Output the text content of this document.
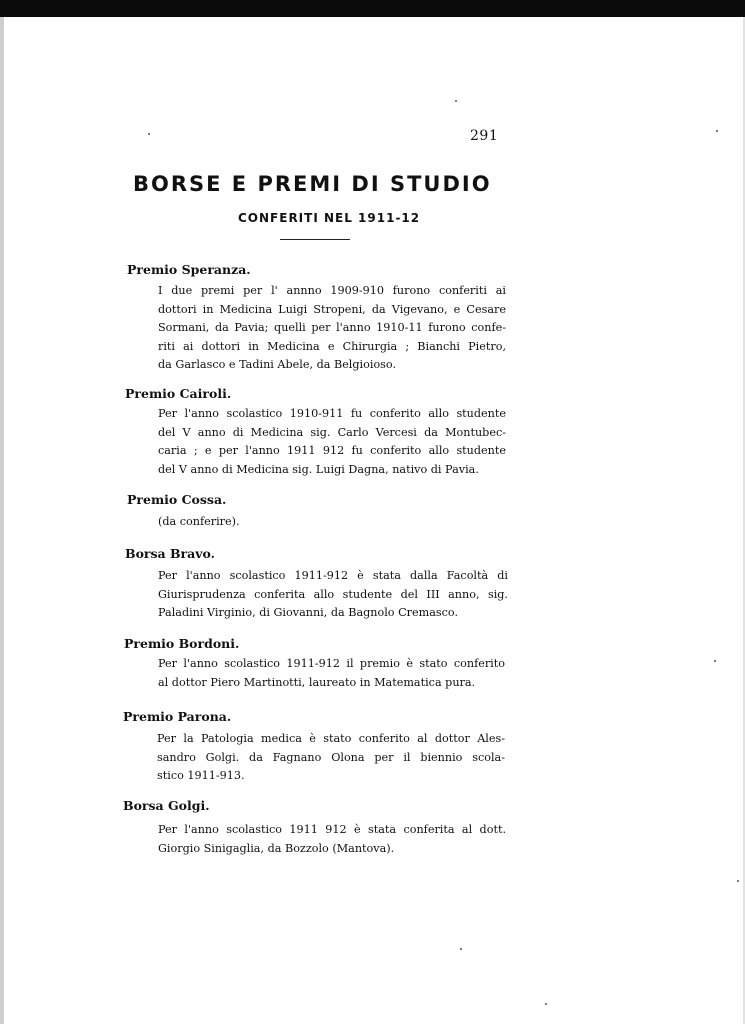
291
BORSE E PREMI DI STUDIO
CONFERITI NEL 1911-12
Premio Speranza.
I due premi per l' annno 1909-910 furono conferiti ai
dottori in Medicina Luigi Stropeni, da Vigevano, e Cesare
Sormani, da Pavia; quelli per l'anno 1910-11 furono confe-
riti ai dottori in Medicina e Chirurgia ; Bianchi Pietro,
da Garlasco e Tadini Abele, da Belgioioso.
Premio Cairoli.
Per l'anno scolastico 1910-911 fu conferito allo studente
del V anno di Medicina sig. Carlo Vercesi da Montubec-
caria ; e per l'anno 1911 912 fu conferito allo studente
del V anno di Medicina sig. Luigi Dagna, nativo di Pavia.
Premio Cossa.
(da conferire).
Borsa Bravo.
Per l'anno scolastico 1911-912 è stata dalla Facoltà di
Giurisprudenza conferita allo studente del III anno, sig.
Paladini Virginio, di Giovanni, da Bagnolo Cremasco.
Premio Bordoni.
Per l'anno scolastico 1911-912 il premio è stato conferito
al dottor Piero Martinotti, laureato in Matematica pura.
Premio Parona.
Per la Patologia medica è stato conferito al dottor Ales-
sandro Golgi. da Fagnano Olona per il biennio scola-
stico 1911-913.
Borsa Golgi.
Per l'anno scolastico 1911 912 è stata conferita al dott.
Giorgio Sinigaglia, da Bozzolo (Mantova).
